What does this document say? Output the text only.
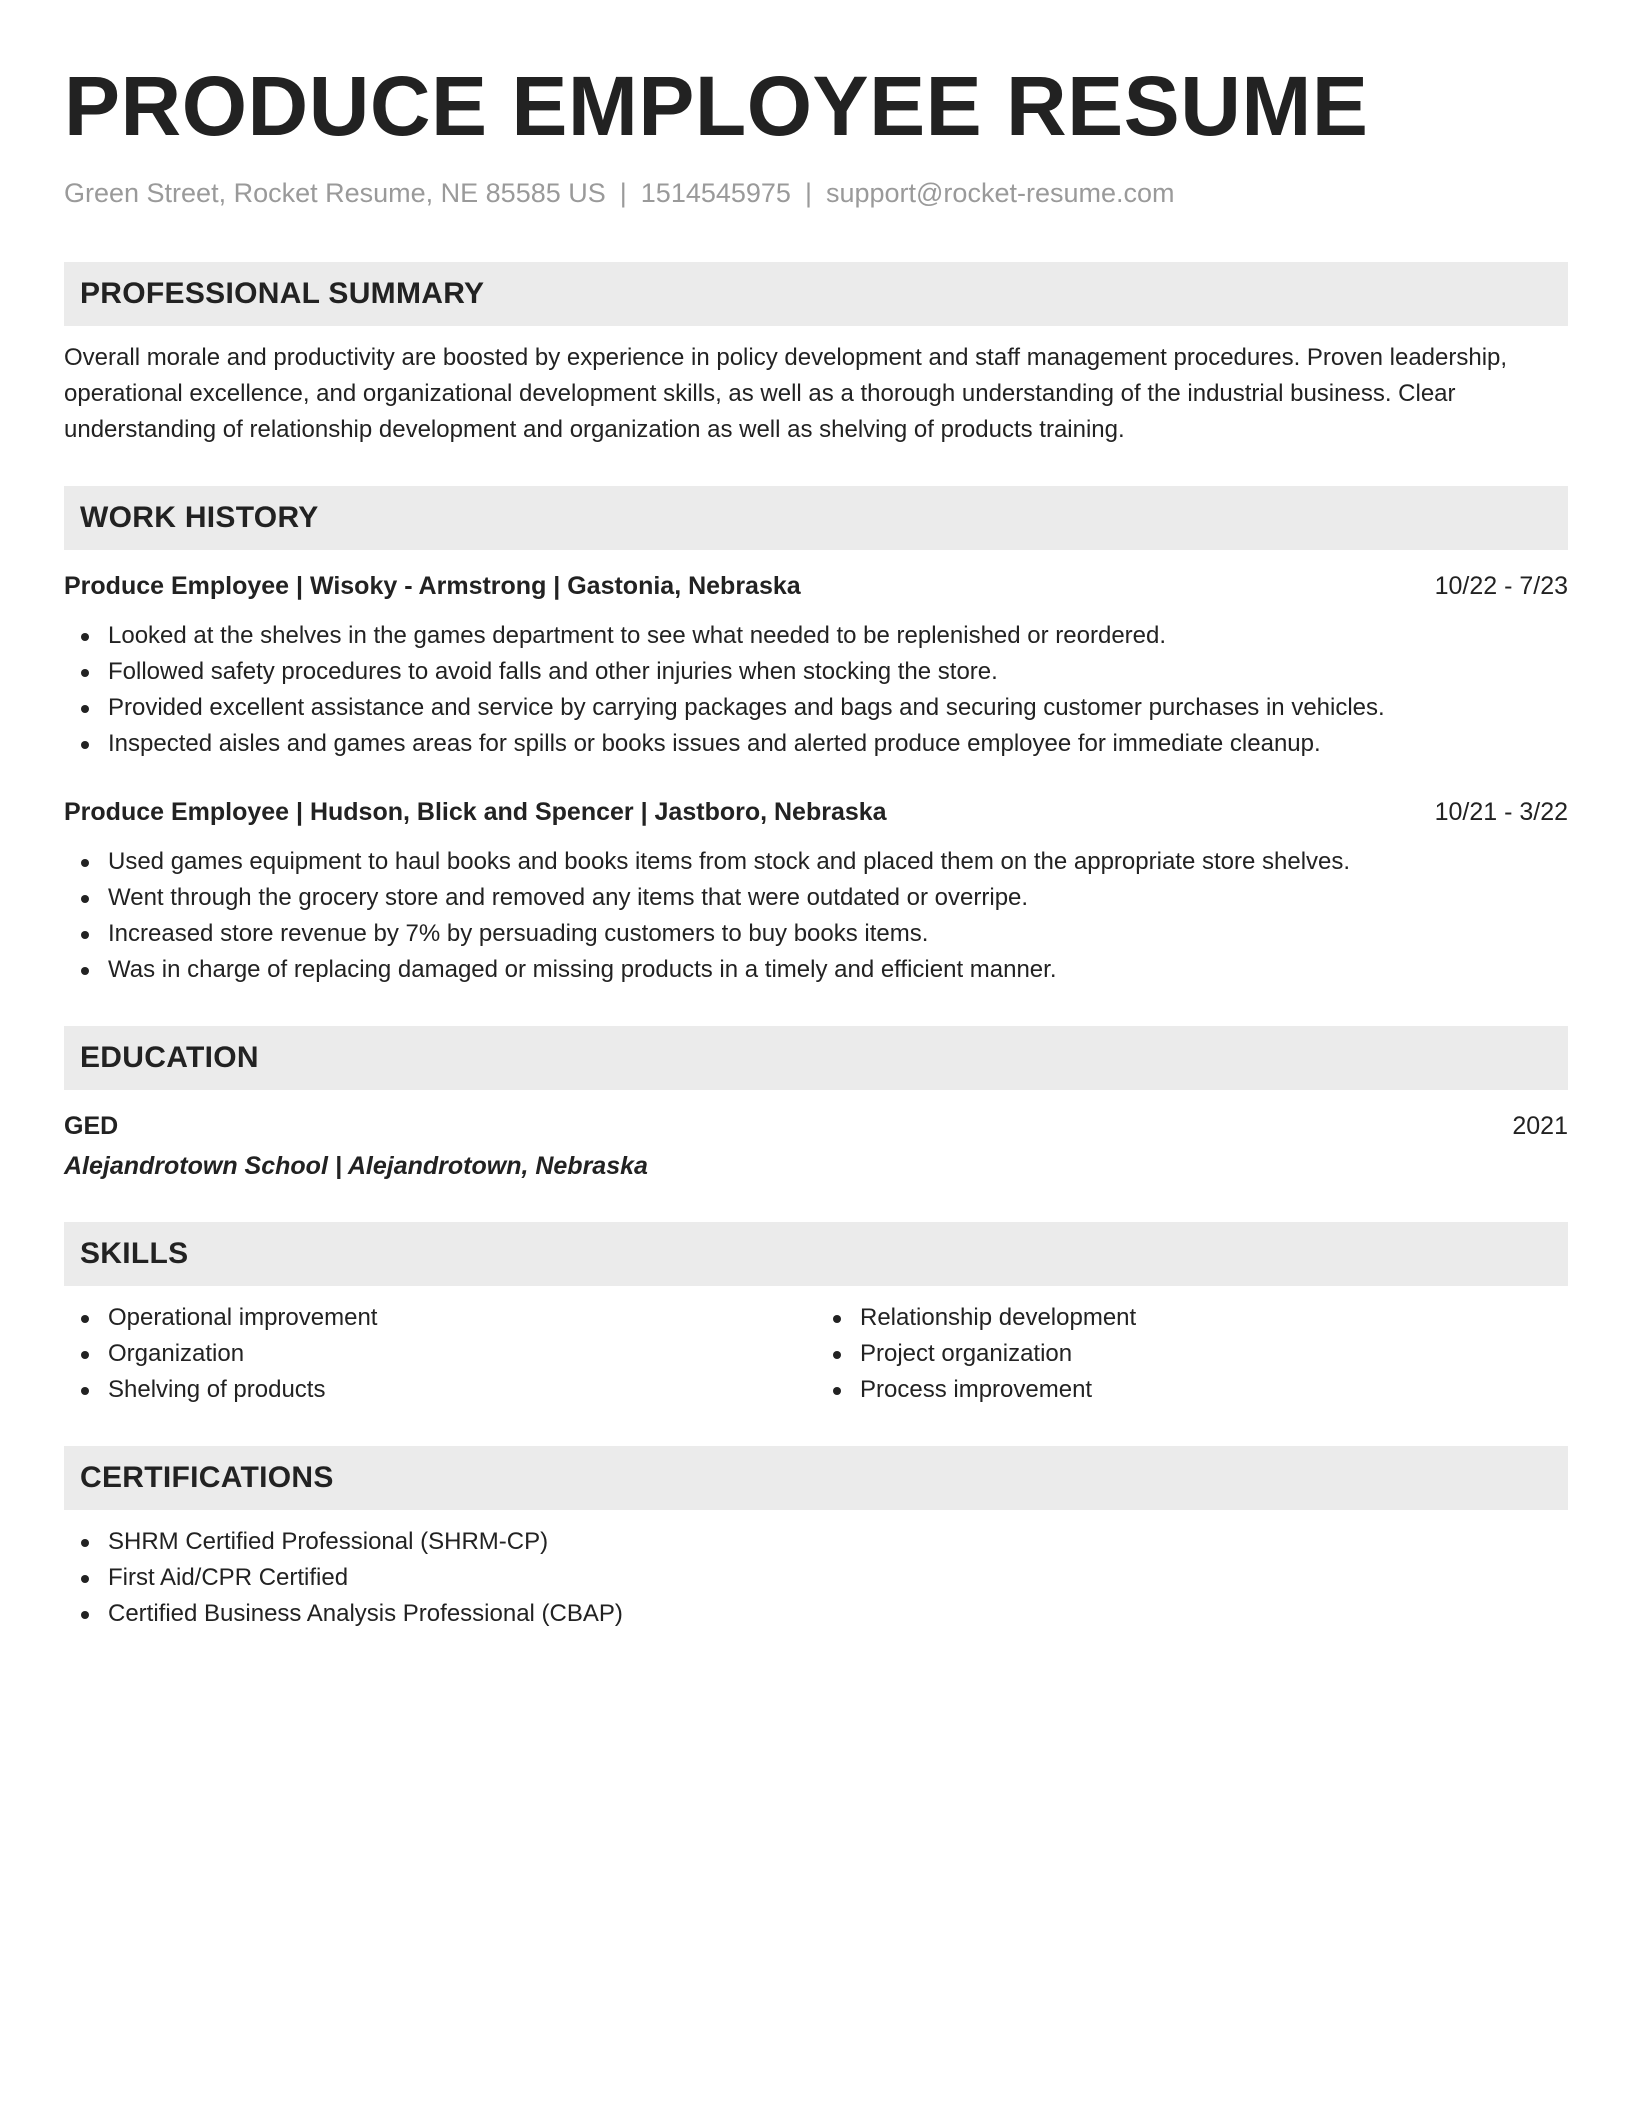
PRODUCE EMPLOYEE RESUME
Green Street, Rocket Resume, NE 85585 US | 1514545975 | support@rocket-resume.com
PROFESSIONAL SUMMARY
Overall morale and productivity are boosted by experience in policy development and staff management procedures. Proven leadership, operational excellence, and organizational development skills, as well as a thorough understanding of the industrial business. Clear understanding of relationship development and organization as well as shelving of products training.
WORK HISTORY
Produce Employee | Wisoky - Armstrong | Gastonia, Nebraska	10/22 - 7/23
Looked at the shelves in the games department to see what needed to be replenished or reordered.
Followed safety procedures to avoid falls and other injuries when stocking the store.
Provided excellent assistance and service by carrying packages and bags and securing customer purchases in vehicles.
Inspected aisles and games areas for spills or books issues and alerted produce employee for immediate cleanup.
Produce Employee | Hudson, Blick and Spencer | Jastboro, Nebraska	10/21 - 3/22
Used games equipment to haul books and books items from stock and placed them on the appropriate store shelves.
Went through the grocery store and removed any items that were outdated or overripe.
Increased store revenue by 7% by persuading customers to buy books items.
Was in charge of replacing damaged or missing products in a timely and efficient manner.
EDUCATION
GED	2021
Alejandrotown School | Alejandrotown, Nebraska
SKILLS
Operational improvement
Organization
Shelving of products
Relationship development
Project organization
Process improvement
CERTIFICATIONS
SHRM Certified Professional (SHRM-CP)
First Aid/CPR Certified
Certified Business Analysis Professional (CBAP)
